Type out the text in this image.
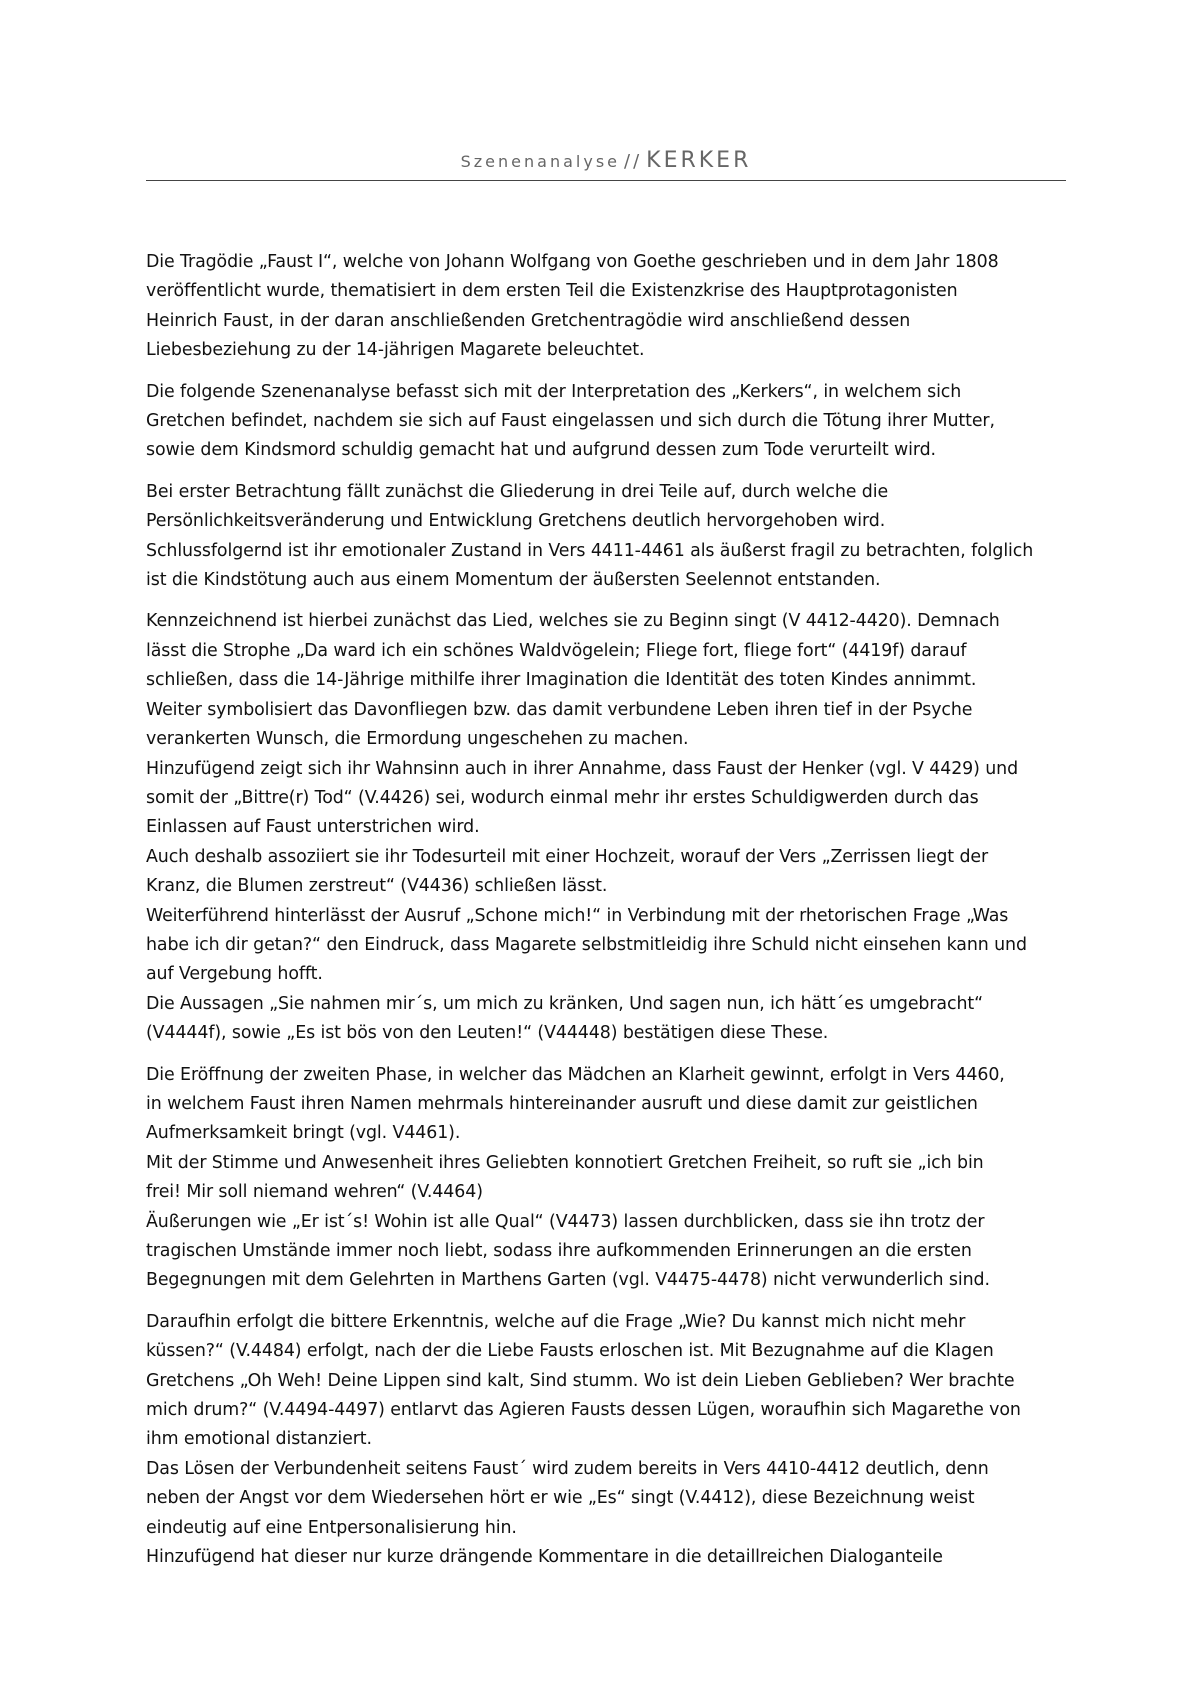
Szenenanalyse // KERKER
Die Tragödie „Faust I“, welche von Johann Wolfgang von Goethe geschrieben und in dem Jahr 1808
veröffentlicht wurde, thematisiert in dem ersten Teil die Existenzkrise des Hauptprotagonisten
Heinrich Faust, in der daran anschließenden Gretchentragödie wird anschließend dessen
Liebesbeziehung zu der 14-jährigen Magarete beleuchtet.
Die folgende Szenenanalyse befasst sich mit der Interpretation des „Kerkers“, in welchem sich
Gretchen befindet, nachdem sie sich auf Faust eingelassen und sich durch die Tötung ihrer Mutter,
sowie dem Kindsmord schuldig gemacht hat und aufgrund dessen zum Tode verurteilt wird.
Bei erster Betrachtung fällt zunächst die Gliederung in drei Teile auf, durch welche die
Persönlichkeitsveränderung und Entwicklung Gretchens deutlich hervorgehoben wird.
Schlussfolgernd ist ihr emotionaler Zustand in Vers 4411-4461 als äußerst fragil zu betrachten, folglich
ist die Kindstötung auch aus einem Momentum der äußersten Seelennot entstanden.
Kennzeichnend ist hierbei zunächst das Lied, welches sie zu Beginn singt (V 4412-4420). Demnach
lässt die Strophe „Da ward ich ein schönes Waldvögelein; Fliege fort, fliege fort“ (4419f) darauf
schließen, dass die 14-Jährige mithilfe ihrer Imagination die Identität des toten Kindes annimmt.
Weiter symbolisiert das Davonfliegen bzw. das damit verbundene Leben ihren tief in der Psyche
verankerten Wunsch, die Ermordung ungeschehen zu machen.
Hinzufügend zeigt sich ihr Wahnsinn auch in ihrer Annahme, dass Faust der Henker (vgl. V 4429) und
somit der „Bittre(r) Tod“ (V.4426) sei, wodurch einmal mehr ihr erstes Schuldigwerden durch das
Einlassen auf Faust unterstrichen wird.
Auch deshalb assoziiert sie ihr Todesurteil mit einer Hochzeit, worauf der Vers „Zerrissen liegt der
Kranz, die Blumen zerstreut“ (V4436) schließen lässt.
Weiterführend hinterlässt der Ausruf „Schone mich!“ in Verbindung mit der rhetorischen Frage „Was
habe ich dir getan?“ den Eindruck, dass Magarete selbstmitleidig ihre Schuld nicht einsehen kann und
auf Vergebung hofft.
Die Aussagen „Sie nahmen mir´s, um mich zu kränken, Und sagen nun, ich hätt´es umgebracht“
(V4444f), sowie „Es ist bös von den Leuten!“ (V44448) bestätigen diese These.
Die Eröffnung der zweiten Phase, in welcher das Mädchen an Klarheit gewinnt, erfolgt in Vers 4460,
in welchem Faust ihren Namen mehrmals hintereinander ausruft und diese damit zur geistlichen
Aufmerksamkeit bringt (vgl. V4461).
Mit der Stimme und Anwesenheit ihres Geliebten konnotiert Gretchen Freiheit, so ruft sie „ich bin
frei! Mir soll niemand wehren“ (V.4464)
Äußerungen wie „Er ist´s! Wohin ist alle Qual“ (V4473) lassen durchblicken, dass sie ihn trotz der
tragischen Umstände immer noch liebt, sodass ihre aufkommenden Erinnerungen an die ersten
Begegnungen mit dem Gelehrten in Marthens Garten (vgl. V4475-4478) nicht verwunderlich sind.
Daraufhin erfolgt die bittere Erkenntnis, welche auf die Frage „Wie? Du kannst mich nicht mehr
küssen?“ (V.4484) erfolgt, nach der die Liebe Fausts erloschen ist. Mit Bezugnahme auf die Klagen
Gretchens „Oh Weh! Deine Lippen sind kalt, Sind stumm. Wo ist dein Lieben Geblieben? Wer brachte
mich drum?“ (V.4494-4497) entlarvt das Agieren Fausts dessen Lügen, woraufhin sich Magarethe von
ihm emotional distanziert.
Das Lösen der Verbundenheit seitens Faust´ wird zudem bereits in Vers 4410-4412 deutlich, denn
neben der Angst vor dem Wiedersehen hört er wie „Es“ singt (V.4412), diese Bezeichnung weist
eindeutig auf eine Entpersonalisierung hin.
Hinzufügend hat dieser nur kurze drängende Kommentare in die detaillreichen Dialoganteile
